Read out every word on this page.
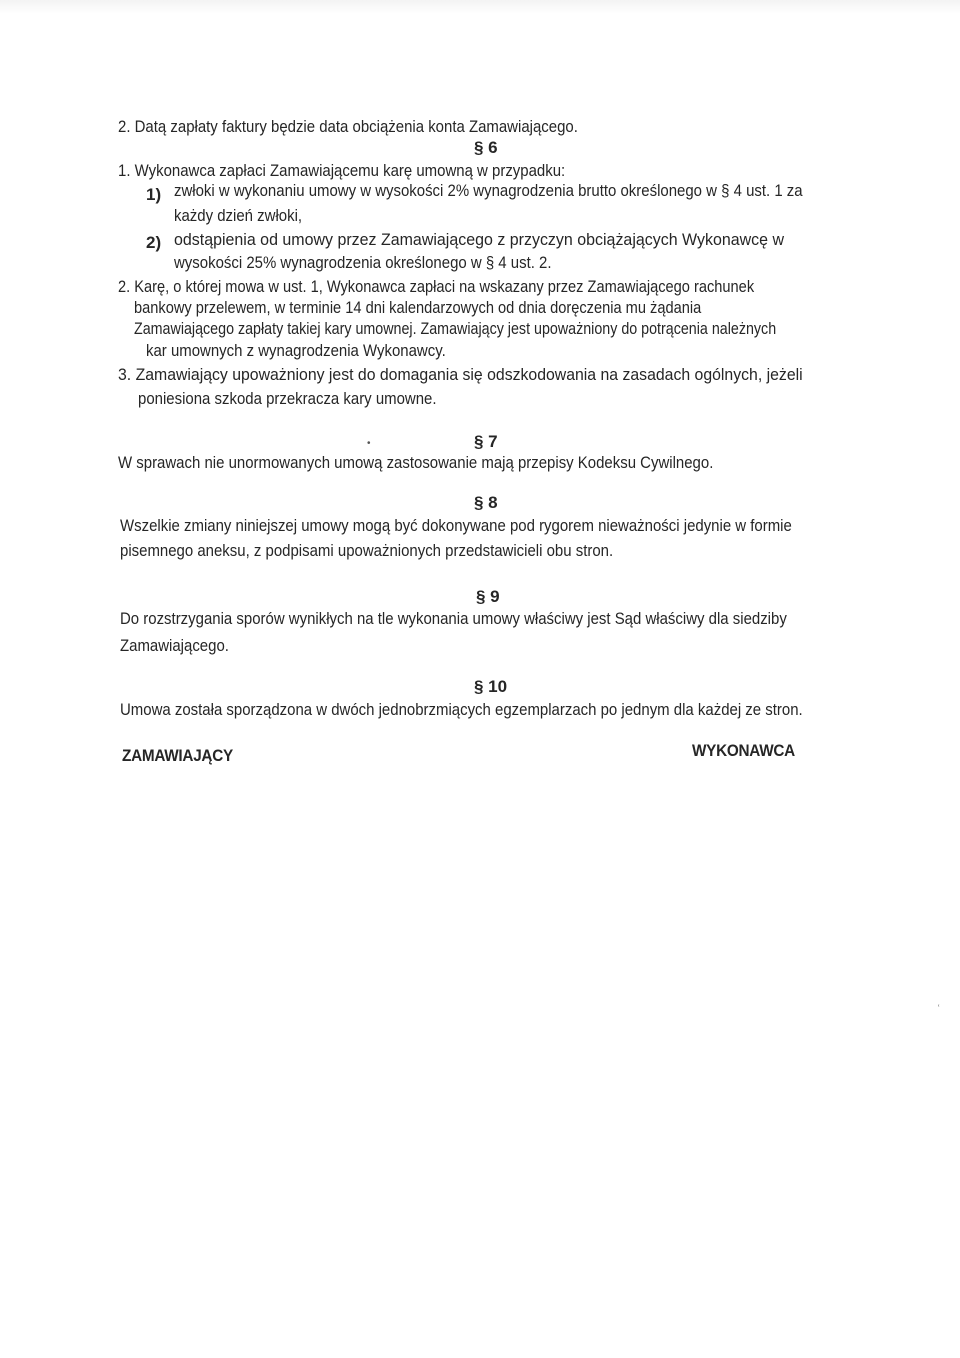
2. Datą zapłaty faktury będzie data obciążenia konta Zamawiającego.
§ 6
1. Wykonawca zapłaci Zamawiającemu karę umowną w przypadku:
1) zwłoki w wykonaniu umowy w wysokości 2% wynagrodzenia brutto określonego w § 4 ust. 1 za
każdy dzień zwłoki,
2) odstąpienia od umowy przez Zamawiającego z przyczyn obciążających Wykonawcę w
wysokości 25% wynagrodzenia określonego w § 4 ust. 2.
2. Karę, o której mowa w ust. 1, Wykonawca zapłaci na wskazany przez Zamawiającego rachunek
bankowy przelewem, w terminie 14 dni kalendarzowych od dnia doręczenia mu żądania
Zamawiającego zapłaty takiej kary umownej. Zamawiający jest upoważniony do potrącenia należnych
kar umownych z wynagrodzenia Wykonawcy.
3. Zamawiający upoważniony jest do domagania się odszkodowania na zasadach ogólnych, jeżeli
poniesiona szkoda przekracza kary umowne.
•	§ 7
W sprawach nie unormowanych umową zastosowanie mają przepisy Kodeksu Cywilnego.
§ 8
Wszelkie zmiany niniejszej umowy mogą być dokonywane pod rygorem nieważności jedynie w formie
pisemnego aneksu, z podpisami upoważnionych przedstawicieli obu stron.
§ 9
Do rozstrzygania sporów wynikłych na tle wykonania umowy właściwy jest Sąd właściwy dla siedziby
Zamawiającego.
§ 10
Umowa została sporządzona w dwóch jednobrzmiących egzemplarzach po jednym dla każdej ze stron.
ZAMAWIAJĄCY	WYKONAWCA
ʿ
